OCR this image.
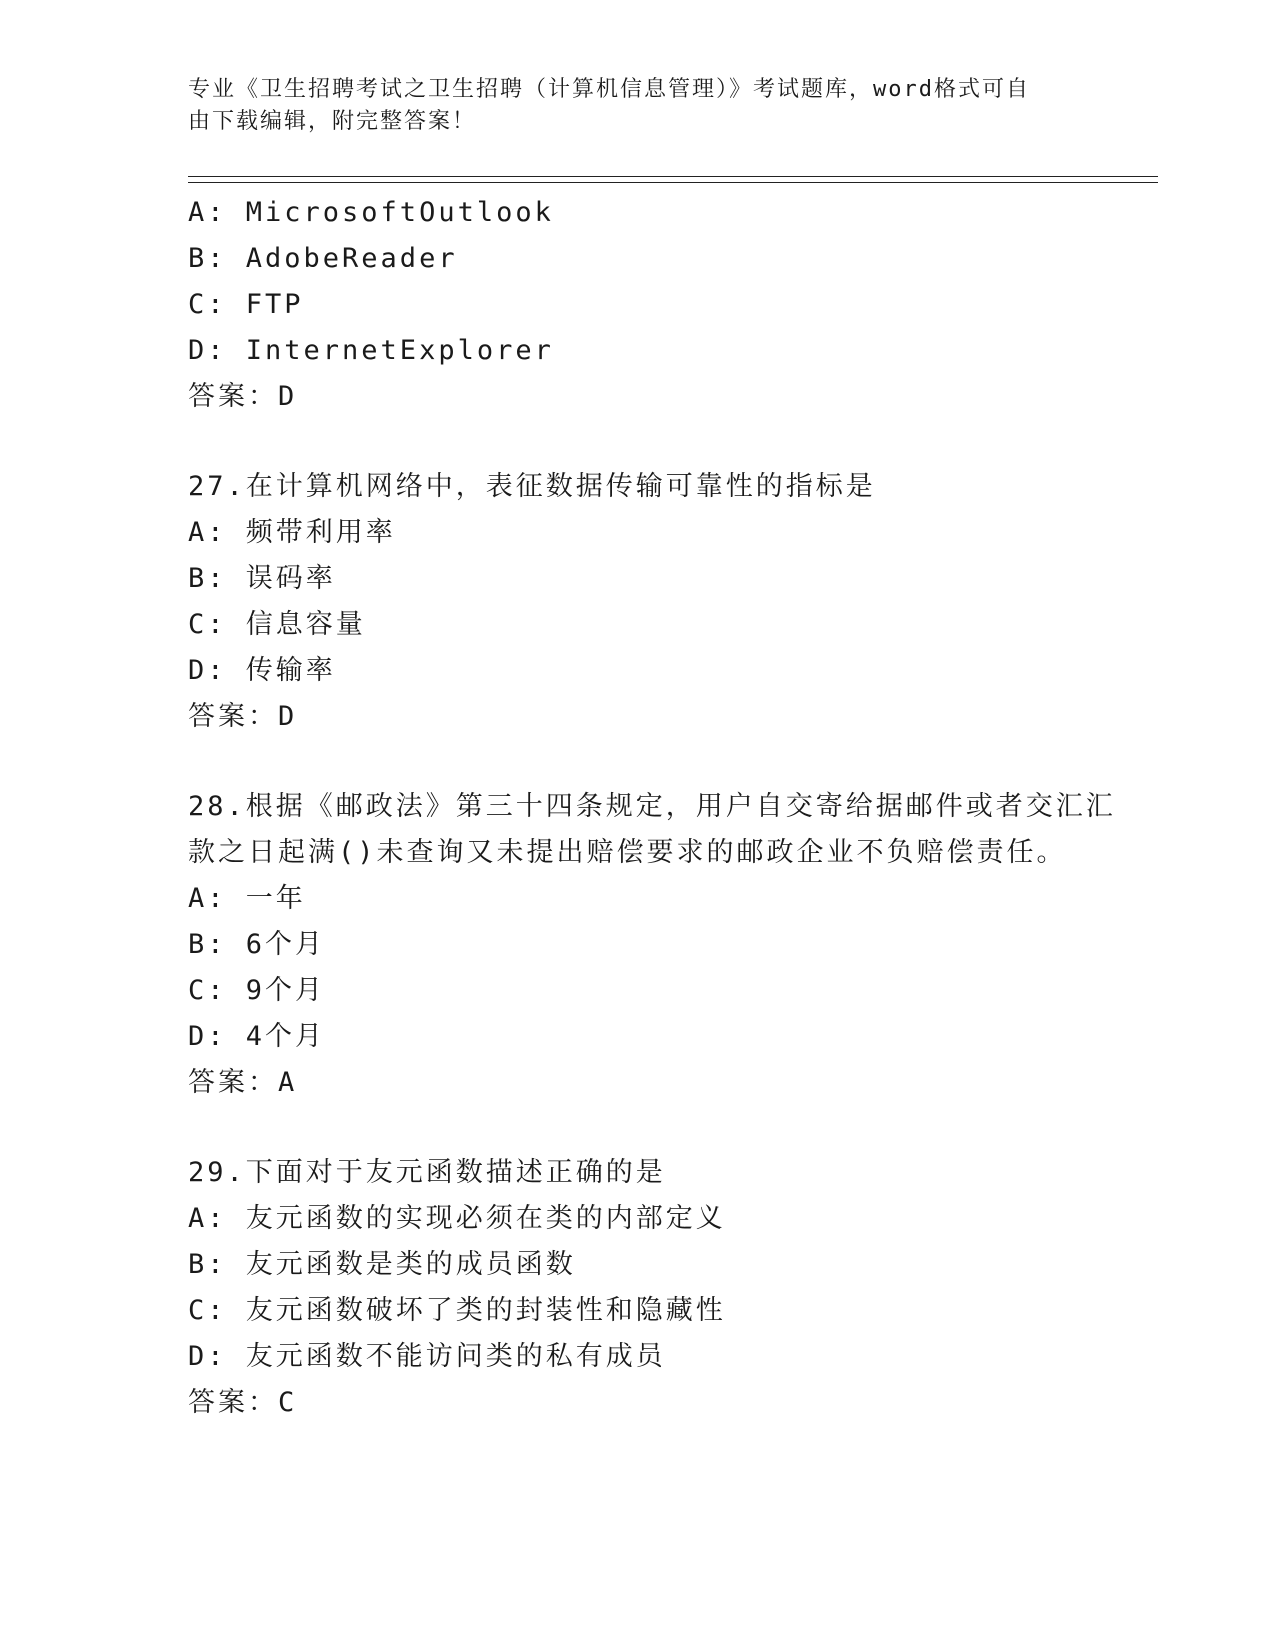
专业《卫生招聘考试之卫生招聘（计算机信息管理）》考试题库，word格式可自
由下载编辑，附完整答案！
A: MicrosoftOutlook
B: AdobeReader
C: FTP
D: InternetExplorer
答案：D
27.在计算机网络中，表征数据传输可靠性的指标是
A: 频带利用率
B: 误码率
C: 信息容量
D: 传输率
答案：D
28.根据《邮政法》第三十四条规定，用户自交寄给据邮件或者交汇汇
款之日起满()未查询又未提出赔偿要求的邮政企业不负赔偿责任。
A: 一年
B: 6个月
C: 9个月
D: 4个月
答案：A
29.下面对于友元函数描述正确的是
A: 友元函数的实现必须在类的内部定义
B: 友元函数是类的成员函数
C: 友元函数破坏了类的封装性和隐藏性
D: 友元函数不能访问类的私有成员
答案：C
